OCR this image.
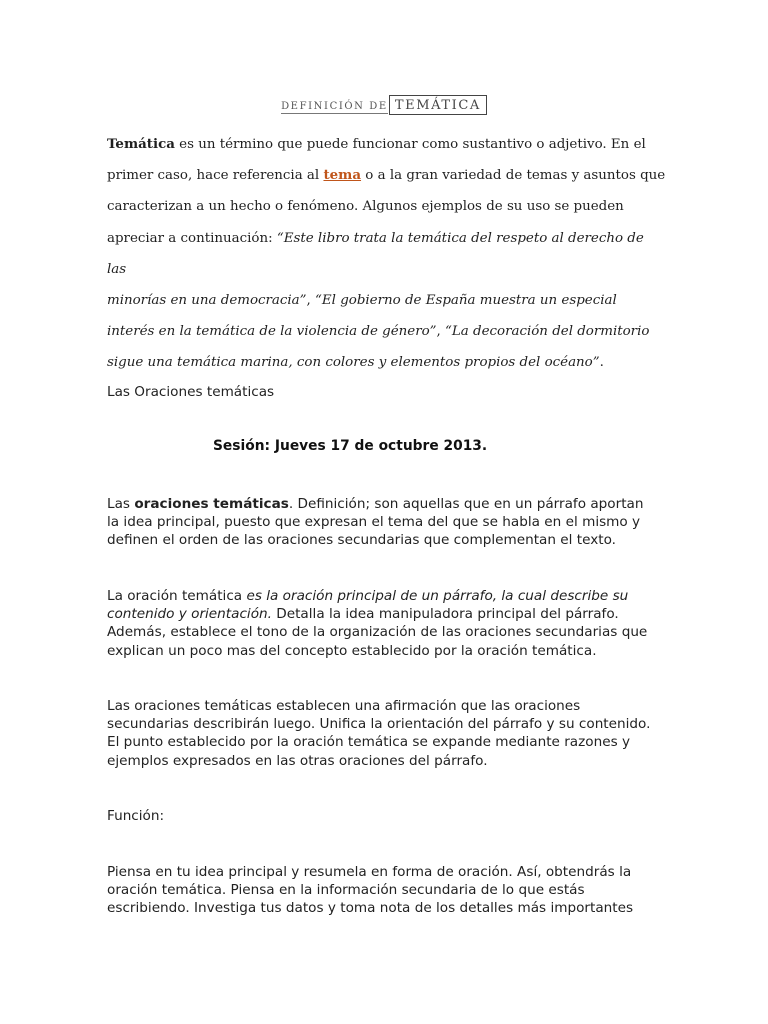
DEFINICIÓN DE TEMÁTICA
Temática es un término que puede funcionar como sustantivo o adjetivo. En el
primer caso, hace referencia al tema o a la gran variedad de temas y asuntos que
caracterizan a un hecho o fenómeno. Algunos ejemplos de su uso se pueden
apreciar a continuación: “Este libro trata la temática del respeto al derecho de las
minorías en una democracia”, “El gobierno de España muestra un especial
interés en la temática de la violencia de género”, “La decoración del dormitorio
sigue una temática marina, con colores y elementos propios del océano”.
Las Oraciones temáticas
Sesión: Jueves 17 de octubre 2013.
Las oraciones temáticas. Definición; son aquellas que en un párrafo aportan
la idea principal, puesto que expresan el tema del que se habla en el mismo y
definen el orden de las oraciones secundarias que complementan el texto.
La oración temática es la oración principal de un párrafo, la cual describe su
contenido y orientación. Detalla la idea manipuladora principal del párrafo.
Además, establece el tono de la organización de las oraciones secundarias que
explican un poco mas del concepto establecido por la oración temática.
Las oraciones temáticas establecen una afirmación que las oraciones
secundarias describirán luego. Unifica la orientación del párrafo y su contenido.
El punto establecido por la oración temática se expande mediante razones y
ejemplos expresados en las otras oraciones del párrafo.
Función:
Piensa en tu idea principal y resumela en forma de oración. Así, obtendrás la
oración temática. Piensa en la información secundaria de lo que estás
escribiendo. Investiga tus datos y toma nota de los detalles más importantes
